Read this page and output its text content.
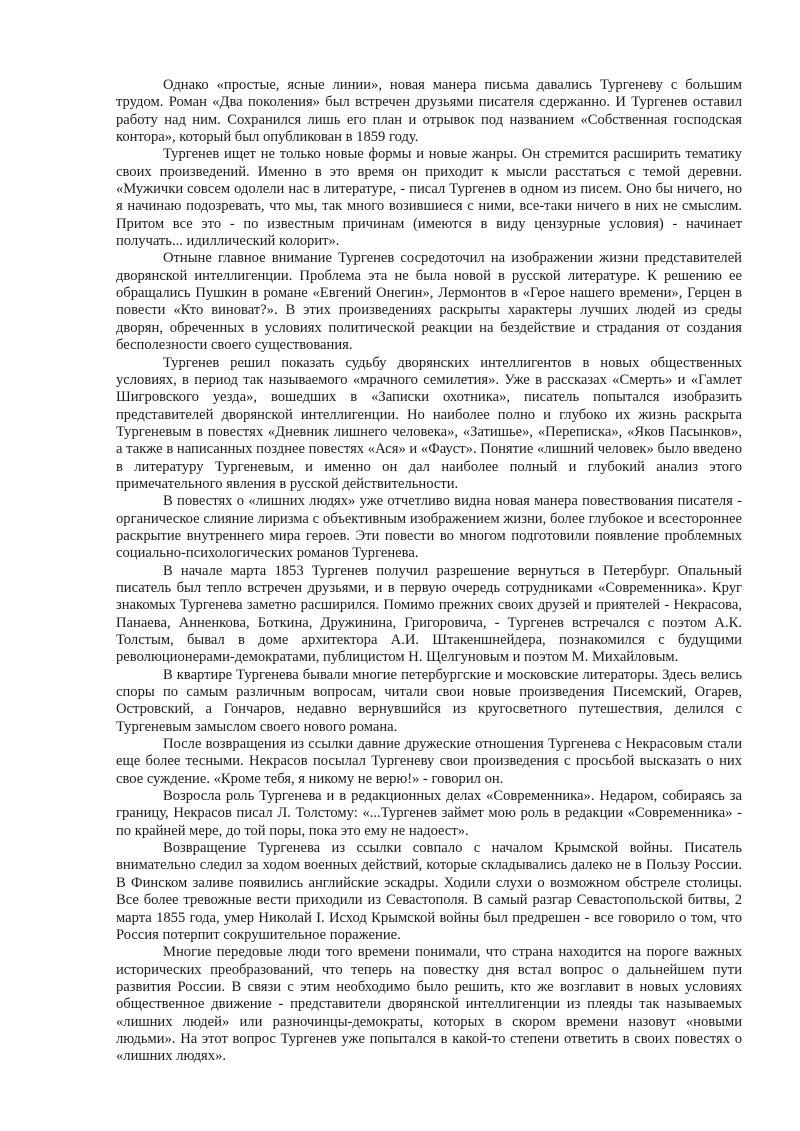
Однако «простые, ясные линии», новая манера письма давались Тургеневу с большим трудом. Роман «Два поколения» был встречен друзьями писателя сдержанно. И Тургенев оставил работу над ним. Сохранился лишь его план и отрывок под названием «Собственная господская контора», который был опубликован в 1859 году.

Тургенев ищет не только новые формы и новые жанры. Он стремится расширить тематику своих произведений. Именно в это время он приходит к мысли расстаться с темой деревни. «Мужички совсем одолели нас в литературе, - писал Тургенев в одном из писем. Оно бы ничего, но я начинаю подозревать, что мы, так много возившиеся с ними, все-таки ничего в них не смыслим. Притом все это - по известным причинам (имеются в виду цензурные условия) - начинает получать... идиллический колорит».

Отныне главное внимание Тургенев сосредоточил на изображении жизни представителей дворянской интеллигенции. Проблема эта не была новой в русской литературе. К решению ее обращались Пушкин в романе «Евгений Онегин», Лермонтов в «Герое нашего времени», Герцен в повести «Кто виноват?». В этих произведениях раскрыты характеры лучших людей из среды дворян, обреченных в условиях политической реакции на бездействие и страдания от создания бесполезности своего существования.

Тургенев решил показать судьбу дворянских интеллигентов в новых общественных условиях, в период так называемого «мрачного семилетия». Уже в рассказах «Смерть» и «Гамлет Шигровского уезда», вошедших в «Записки охотника», писатель попытался изобразить представителей дворянской интеллигенции. Но наиболее полно и глубоко их жизнь раскрыта Тургеневым в повестях «Дневник лишнего человека», «Затишье», «Переписка», «Яков Пасынков», а также в написанных позднее повестях «Ася» и «Фауст». Понятие «лишний человек» было введено в литературу Тургеневым, и именно он дал наиболее полный и глубокий анализ этого примечательного явления в русской действительности.

В повестях о «лишних людях» уже отчетливо видна новая манера повествования писателя - органическое слияние лиризма с объективным изображением жизни, более глубокое и всестороннее раскрытие внутреннего мира героев. Эти повести во многом подготовили появление проблемных социально-психологических романов Тургенева.

В начале марта 1853 Тургенев получил разрешение вернуться в Петербург. Опальный писатель был тепло встречен друзьями, и в первую очередь сотрудниками «Современника». Круг знакомых Тургенева заметно расширился. Помимо прежних своих друзей и приятелей - Некрасова, Панаева, Анненкова, Боткина, Дружинина, Григоровича, - Тургенев встречался с поэтом А.К. Толстым, бывал в доме архитектора А.И. Штакеншнейдера, познакомился с будущими революционерами-демократами, публицистом Н. Щелгуновым и поэтом М. Михайловым.

В квартире Тургенева бывали многие петербургские и московские литераторы. Здесь велись споры по самым различным вопросам, читали свои новые произведения Писемский, Огарев, Островский, а Гончаров, недавно вернувшийся из кругосветного путешествия, делился с Тургеневым замыслом своего нового романа.

После возвращения из ссылки давние дружеские отношения Тургенева с Некрасовым стали еще более тесными. Некрасов посылал Тургеневу свои произведения с просьбой высказать о них свое суждение. «Кроме тебя, я никому не верю!» - говорил он.

Возросла роль Тургенева и в редакционных делах «Современника». Недаром, собираясь за границу, Некрасов писал Л. Толстому: «...Тургенев займет мою роль в редакции «Современника» - по крайней мере, до той поры, пока это ему не надоест».

Возвращение Тургенева из ссылки совпало с началом Крымской войны. Писатель внимательно следил за ходом военных действий, которые складывались далеко не в Пользу России. В Финском заливе появились английские эскадры. Ходили слухи о возможном обстреле столицы. Все более тревожные вести приходили из Севастополя. В самый разгар Севастопольской битвы, 2 марта 1855 года, умер Николай I. Исход Крымской войны был предрешен - все говорило о том, что Россия потерпит сокрушительное поражение.

Многие передовые люди того времени понимали, что страна находится на пороге важных исторических преобразований, что теперь на повестку дня встал вопрос о дальнейшем пути развития России. В связи с этим необходимо было решить, кто же возглавит в новых условиях общественное движение - представители дворянской интеллигенции из плеяды так называемых «лишних людей» или разночинцы-демократы, которых в скором времени назовут «новыми людьми». На этот вопрос Тургенев уже попытался в какой-то степени ответить в своих повестях о «лишних людях».
